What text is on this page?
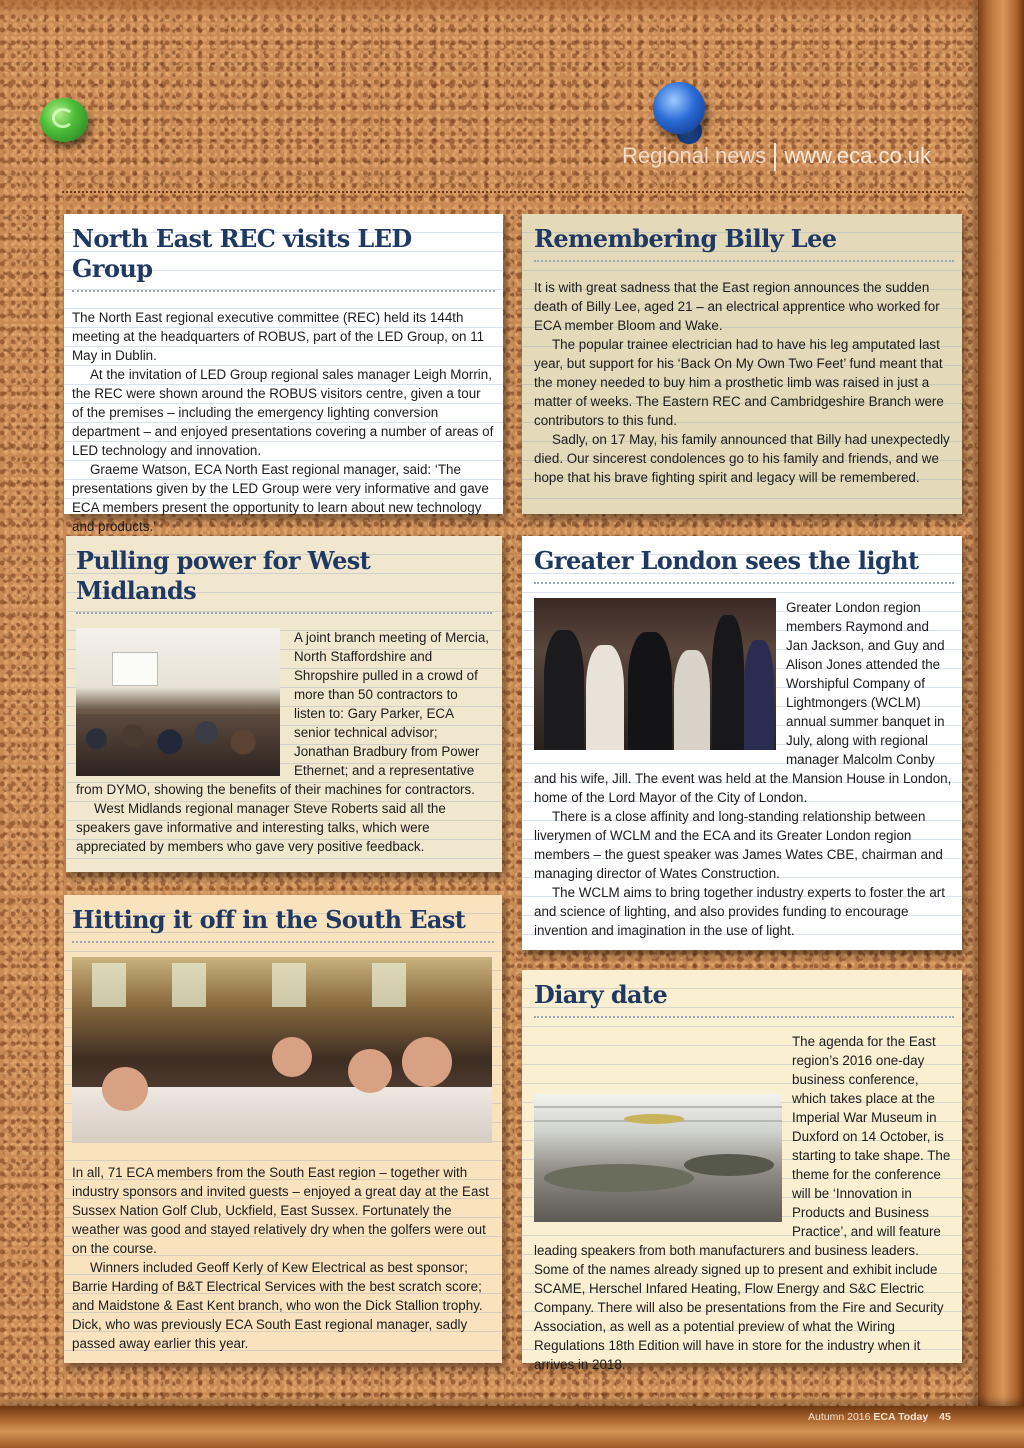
Regional news www.eca.co.uk
North East REC visits LED Group

The North East regional executive committee (REC) held its 144th meeting at the headquarters of ROBUS, part of the LED Group, on 11 May in Dublin.

At the invitation of LED Group regional sales manager Leigh Morrin, the REC were shown around the ROBUS visitors centre, given a tour of the premises – including the emergency lighting conversion department – and enjoyed presentations covering a number of areas of LED technology and innovation.

Graeme Watson, ECA North East regional manager, said: ‘The presentations given by the LED Group were very informative and gave ECA members present the opportunity to learn about new technology and products.’

Remembering Billy Lee

It is with great sadness that the East region announces the sudden death of Billy Lee, aged 21 – an electrical apprentice who worked for ECA member Bloom and Wake.

The popular trainee electrician had to have his leg amputated last year, but support for his ‘Back On My Own Two Feet’ fund meant that the money needed to buy him a prosthetic limb was raised in just a matter of weeks. The Eastern REC and Cambridgeshire Branch were contributors to this fund.

Sadly, on 17 May, his family announced that Billy had unexpectedly died. Our sincerest condolences go to his family and friends, and we hope that his brave fighting spirit and legacy will be remembered.

Pulling power for West Midlands

A joint branch meeting of Mercia, North Staffordshire and Shropshire pulled in a crowd of more than 50 contractors to listen to: Gary Parker, ECA senior technical advisor; Jonathan Bradbury from Power Ethernet; and a representative from DYMO, showing the benefits of their machines for contractors.

West Midlands regional manager Steve Roberts said all the speakers gave informative and interesting talks, which were appreciated by members who gave very positive feedback.

Greater London sees the light

Greater London region members Raymond and Jan Jackson, and Guy and Alison Jones attended the Worshipful Company of Lightmongers (WCLM) annual summer banquet in July, along with regional manager Malcolm Conby and his wife, Jill. The event was held at the Mansion House in London, home of the Lord Mayor of the City of London.

There is a close affinity and long-standing relationship between liverymen of WCLM and the ECA and its Greater London region members – the guest speaker was James Wates CBE, chairman and managing director of Wates Construction.

The WCLM aims to bring together industry experts to foster the art and science of lighting, and also provides funding to encourage invention and imagination in the use of light.

Hitting it off in the South East

In all, 71 ECA members from the South East region – together with industry sponsors and invited guests – enjoyed a great day at the East Sussex Nation Golf Club, Uckfield, East Sussex. Fortunately the weather was good and stayed relatively dry when the golfers were out on the course.

Winners included Geoff Kerly of Kew Electrical as best sponsor; Barrie Harding of B&T Electrical Services with the best scratch score; and Maidstone & East Kent branch, who won the Dick Stallion trophy. Dick, who was previously ECA South East regional manager, sadly passed away earlier this year.

Diary date

The agenda for the East region’s 2016 one-day business conference, which takes place at the Imperial War Museum in Duxford on 14 October, is starting to take shape. The theme for the conference will be ‘Innovation in Products and Business Practice’, and will feature leading speakers from both manufacturers and business leaders. Some of the names already signed up to present and exhibit include SCAME, Herschel Infared Heating, Flow Energy and S&C Electric Company. There will also be presentations from the Fire and Security Association, as well as a potential preview of what the Wiring Regulations 18th Edition will have in store for the industry when it arrives in 2018.

Autumn 2016 ECA Today 45
